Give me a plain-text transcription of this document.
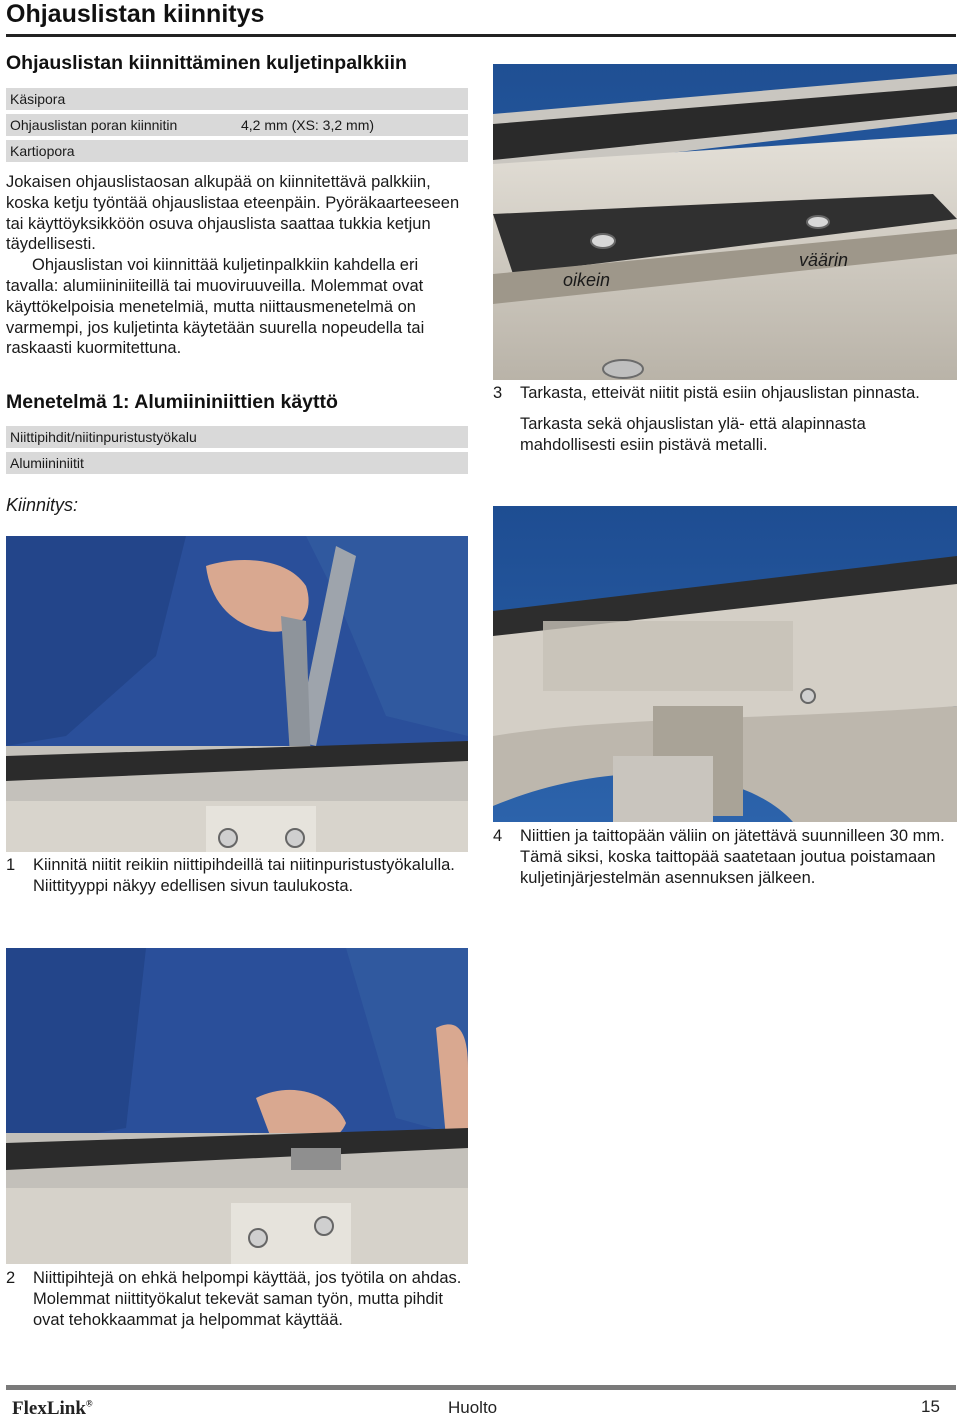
Ohjauslistan kiinnitys
Ohjauslistan kiinnittäminen kuljetinpalkkiin
Käsipora
Ohjauslistan poran kiinnitin	4,2 mm (XS: 3,2 mm)
Kartiopora

Jokaisen ohjauslistaosan alkupää on kiinnitettävä palkkiin, koska ketju työntää ohjauslistaa eteenpäin. Pyöräkaarteeseen tai käyttöyksikköön osuva ohjauslista saattaa tukkia ketjun täydellisesti.

Ohjauslistan voi kiinnittää kuljetinpalkkiin kahdella eri tavalla: alumiininiiteillä tai muoviruuveilla. Molemmat ovat käyttökelpoisia menetelmiä, mutta niittausmenetelmä on varmempi, jos kuljetinta käytetään suurella nopeudella tai raskaasti kuormitettuna.

Menetelmä 1: Alumiininiittien käyttö
Niittipihdit/niitinpuristustyökalu
Alumiininiitit
Kiinnitys:
oikein
väärin
3 Tarkasta, etteivät niitit pistä esiin ohjauslistan pinnasta.

Tarkasta sekä ohjauslistan ylä- että alapinnasta mahdollisesti esiin pistävä metalli.

1 Kiinnitä niitit reikiin niittipihdeillä tai niitinpuristustyökalulla. Niittityyppi näkyy edellisen sivun taulukosta.

4 Niittien ja taittopään väliin on jätettävä suunnilleen 30 mm. Tämä siksi, koska taittopää saatetaan joutua poistamaan kuljetinjärjestelmän asennuksen jälkeen.

2 Niittipihtejä on ehkä helpompi käyttää, jos työtila on ahdas. Molemmat niittityökalut tekevät saman työn, mutta pihdit ovat tehokkaammat ja helpommat käyttää.

FlexLink®	Huolto	15
